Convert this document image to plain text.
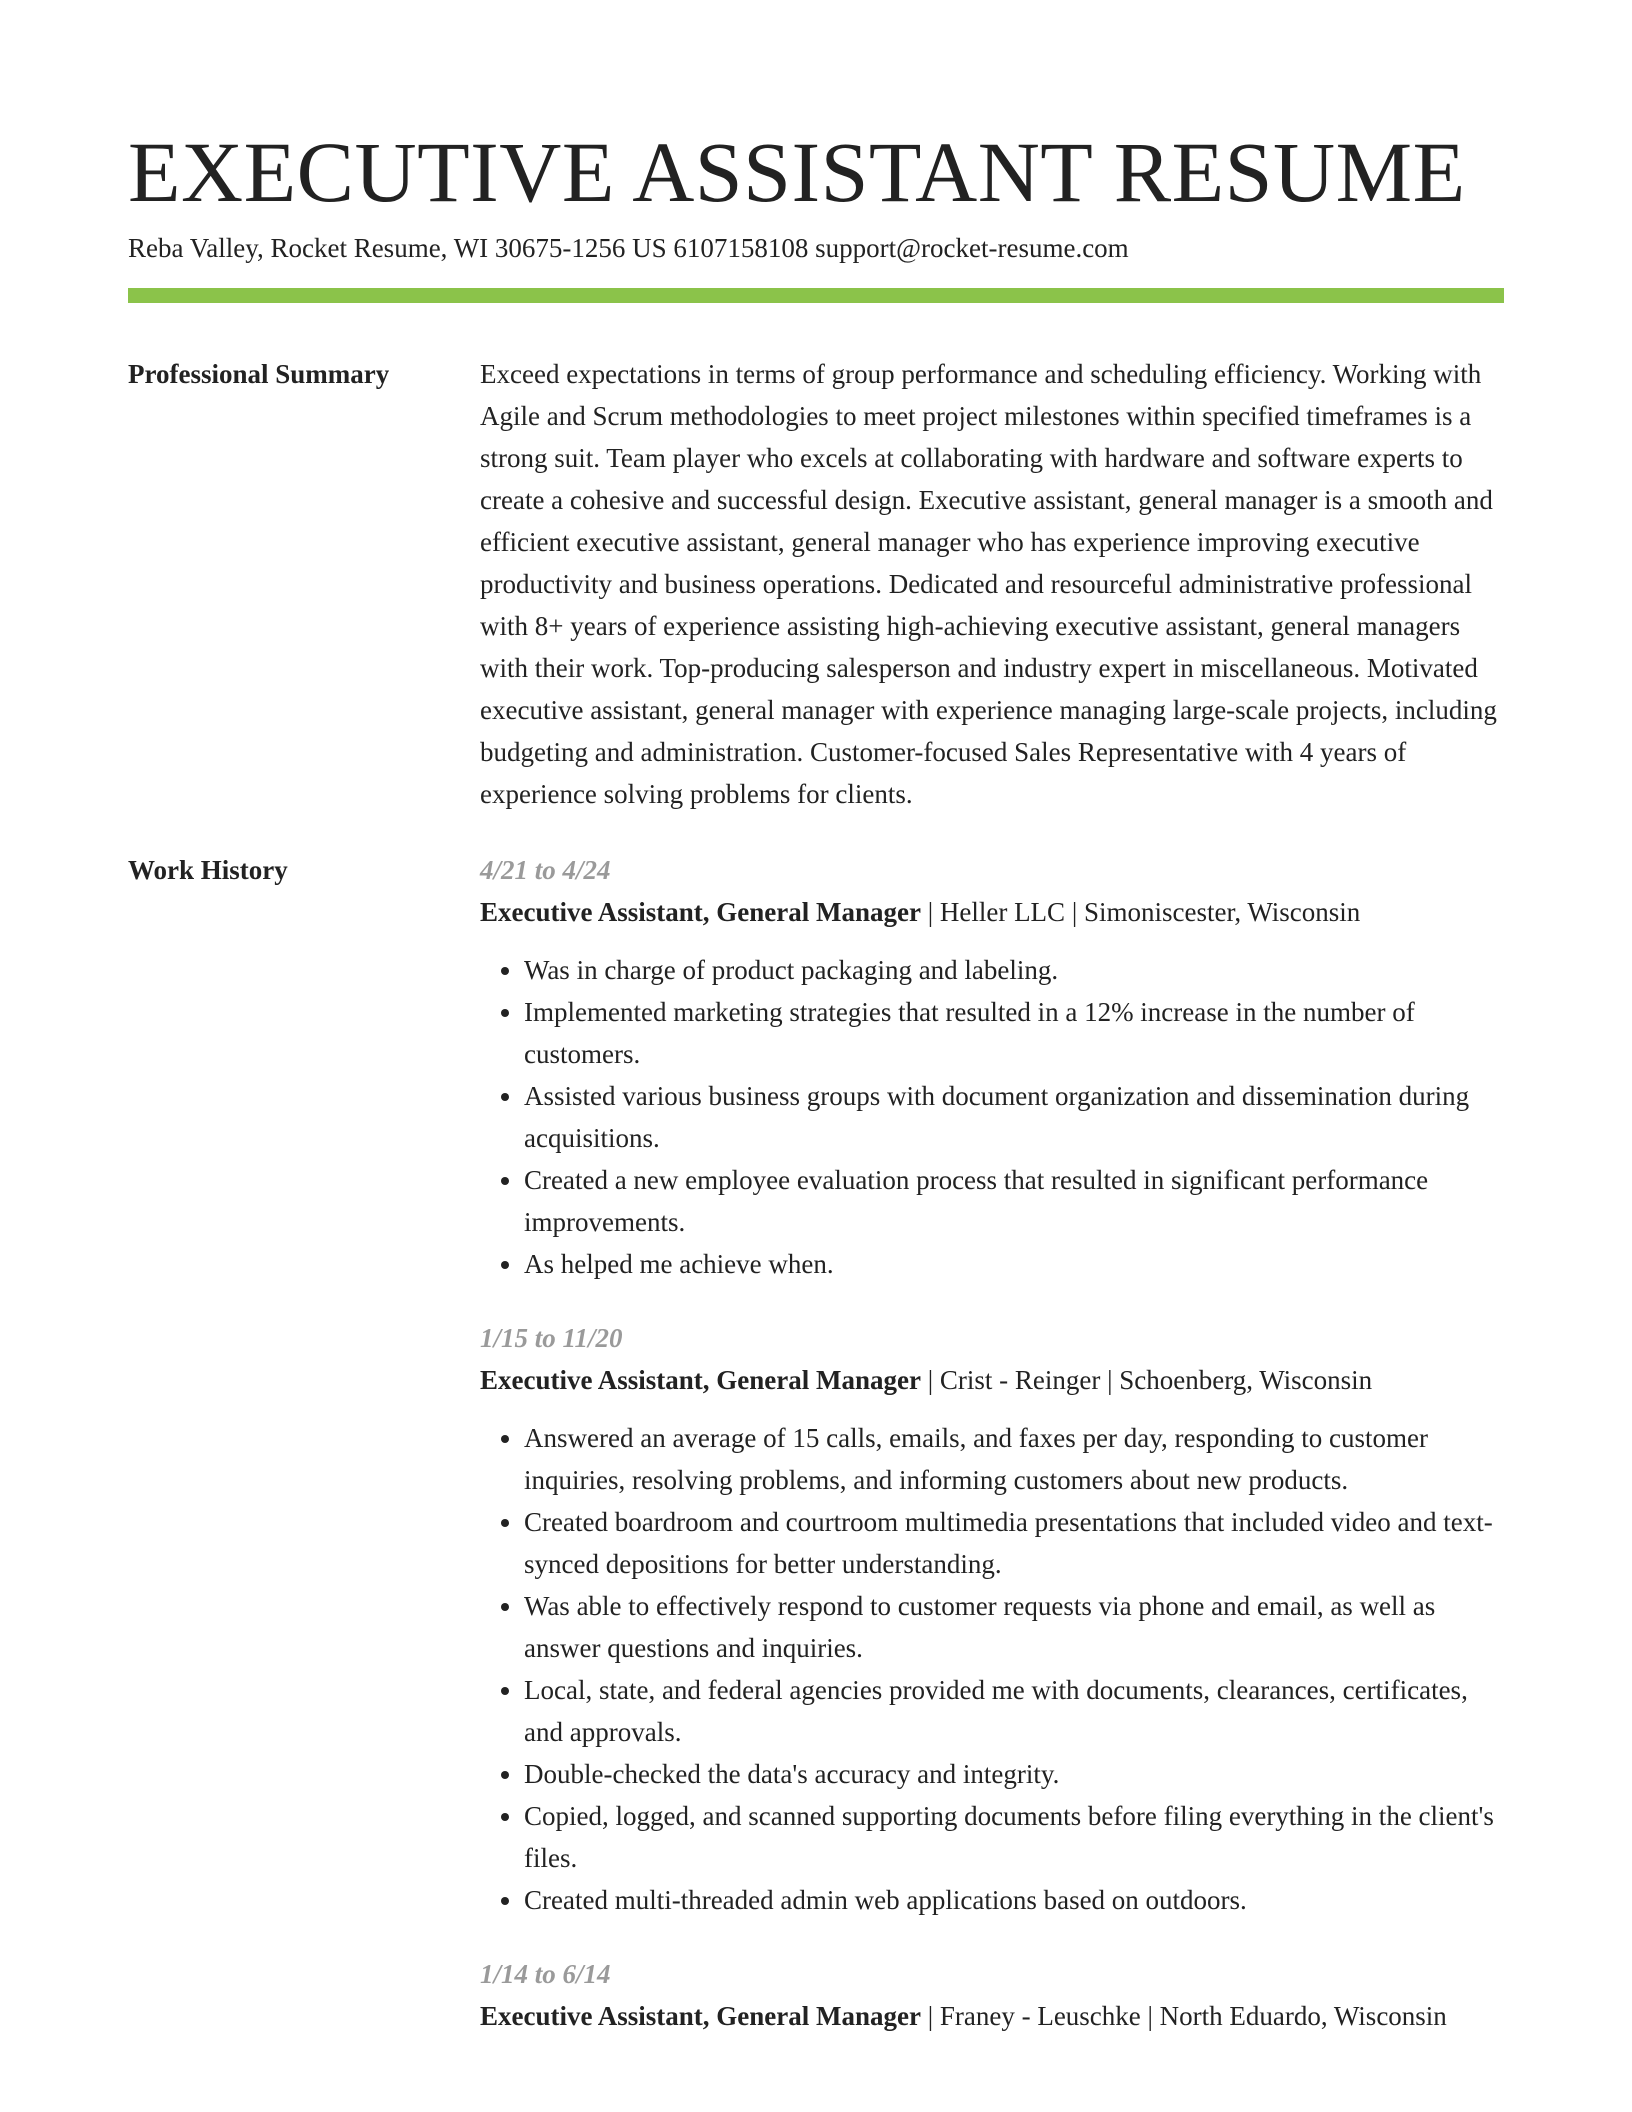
EXECUTIVE ASSISTANT RESUME
Reba Valley, Rocket Resume, WI 30675-1256 US 6107158108 support@rocket-resume.com
Professional Summary	Exceed expectations in terms of group performance and scheduling efficiency. Working with Agile and Scrum methodologies to meet project milestones within specified timeframes is a strong suit. Team player who excels at collaborating with hardware and software experts to create a cohesive and successful design. Executive assistant, general manager is a smooth and efficient executive assistant, general manager who has experience improving executive productivity and business operations. Dedicated and resourceful administrative professional with 8+ years of experience assisting high-achieving executive assistant, general managers with their work. Top-producing salesperson and industry expert in miscellaneous. Motivated executive assistant, general manager with experience managing large-scale projects, including budgeting and administration. Customer-focused Sales Representative with 4 years of experience solving problems for clients.

Work History	4/21 to 4/24
Executive Assistant, General Manager | Heller LLC | Simoniscester, Wisconsin
• Was in charge of product packaging and labeling.
• Implemented marketing strategies that resulted in a 12% increase in the number of customers.
• Assisted various business groups with document organization and dissemination during acquisitions.
• Created a new employee evaluation process that resulted in significant performance improvements.
• As helped me achieve when.
1/15 to 11/20
Executive Assistant, General Manager | Crist - Reinger | Schoenberg, Wisconsin
• Answered an average of 15 calls, emails, and faxes per day, responding to customer inquiries, resolving problems, and informing customers about new products.
• Created boardroom and courtroom multimedia presentations that included video and text-synced depositions for better understanding.
• Was able to effectively respond to customer requests via phone and email, as well as answer questions and inquiries.
• Local, state, and federal agencies provided me with documents, clearances, certificates, and approvals.
• Double-checked the data's accuracy and integrity.
• Copied, logged, and scanned supporting documents before filing everything in the client's files.
• Created multi-threaded admin web applications based on outdoors.
1/14 to 6/14
Executive Assistant, General Manager | Franey - Leuschke | North Eduardo, Wisconsin
